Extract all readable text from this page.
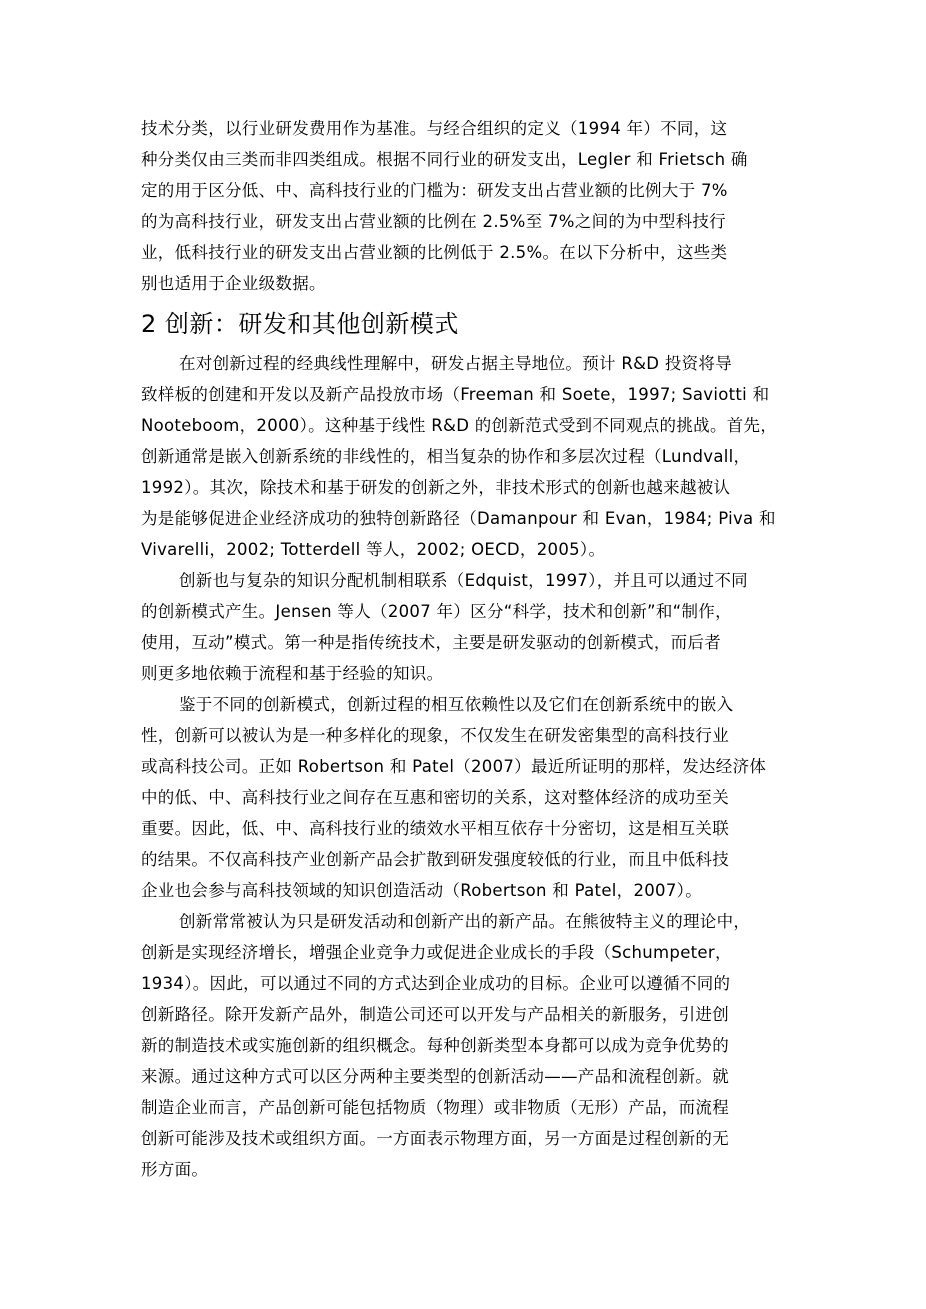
技术分类，以行业研发费用作为基准。与经合组织的定义（1994 年）不同，这
种分类仅由三类而非四类组成。根据不同行业的研发支出，Legler 和 Frietsch 确
定的用于区分低、中、高科技行业的门槛为：研发支出占营业额的比例大于 7%
的为高科技行业，研发支出占营业额的比例在 2.5%至 7%之间的为中型科技行
业，低科技行业的研发支出占营业额的比例低于 2.5%。在以下分析中，这些类
别也适用于企业级数据。
2 创新：研发和其他创新模式
在对创新过程的经典线性理解中，研发占据主导地位。预计 R&D 投资将导
致样板的创建和开发以及新产品投放市场（Freeman 和 Soete，1997; Saviotti 和
Nooteboom，2000）。这种基于线性 R&D 的创新范式受到不同观点的挑战。首先，
创新通常是嵌入创新系统的非线性的，相当复杂的协作和多层次过程（Lundvall，
1992）。其次，除技术和基于研发的创新之外，非技术形式的创新也越来越被认
为是能够促进企业经济成功的独特创新路径（Damanpour 和 Evan，1984; Piva 和
Vivarelli，2002; Totterdell 等人，2002; OECD，2005）。
创新也与复杂的知识分配机制相联系（Edquist，1997），并且可以通过不同
的创新模式产生。Jensen 等人（2007 年）区分“科学，技术和创新”和“制作，
使用，互动”模式。第一种是指传统技术，主要是研发驱动的创新模式，而后者
则更多地依赖于流程和基于经验的知识。
鉴于不同的创新模式，创新过程的相互依赖性以及它们在创新系统中的嵌入
性，创新可以被认为是一种多样化的现象，不仅发生在研发密集型的高科技行业
或高科技公司。正如 Robertson 和 Patel（2007）最近所证明的那样，发达经济体
中的低、中、高科技行业之间存在互惠和密切的关系，这对整体经济的成功至关
重要。因此，低、中、高科技行业的绩效水平相互依存十分密切，这是相互关联
的结果。不仅高科技产业创新产品会扩散到研发强度较低的行业，而且中低科技
企业也会参与高科技领域的知识创造活动（Robertson 和 Patel，2007）。
创新常常被认为只是研发活动和创新产出的新产品。在熊彼特主义的理论中，
创新是实现经济增长，增强企业竞争力或促进企业成长的手段（Schumpeter，
1934）。因此，可以通过不同的方式达到企业成功的目标。企业可以遵循不同的
创新路径。除开发新产品外，制造公司还可以开发与产品相关的新服务，引进创
新的制造技术或实施创新的组织概念。每种创新类型本身都可以成为竞争优势的
来源。通过这种方式可以区分两种主要类型的创新活动——产品和流程创新。就
制造企业而言，产品创新可能包括物质（物理）或非物质（无形）产品，而流程
创新可能涉及技术或组织方面。一方面表示物理方面，另一方面是过程创新的无
形方面。
